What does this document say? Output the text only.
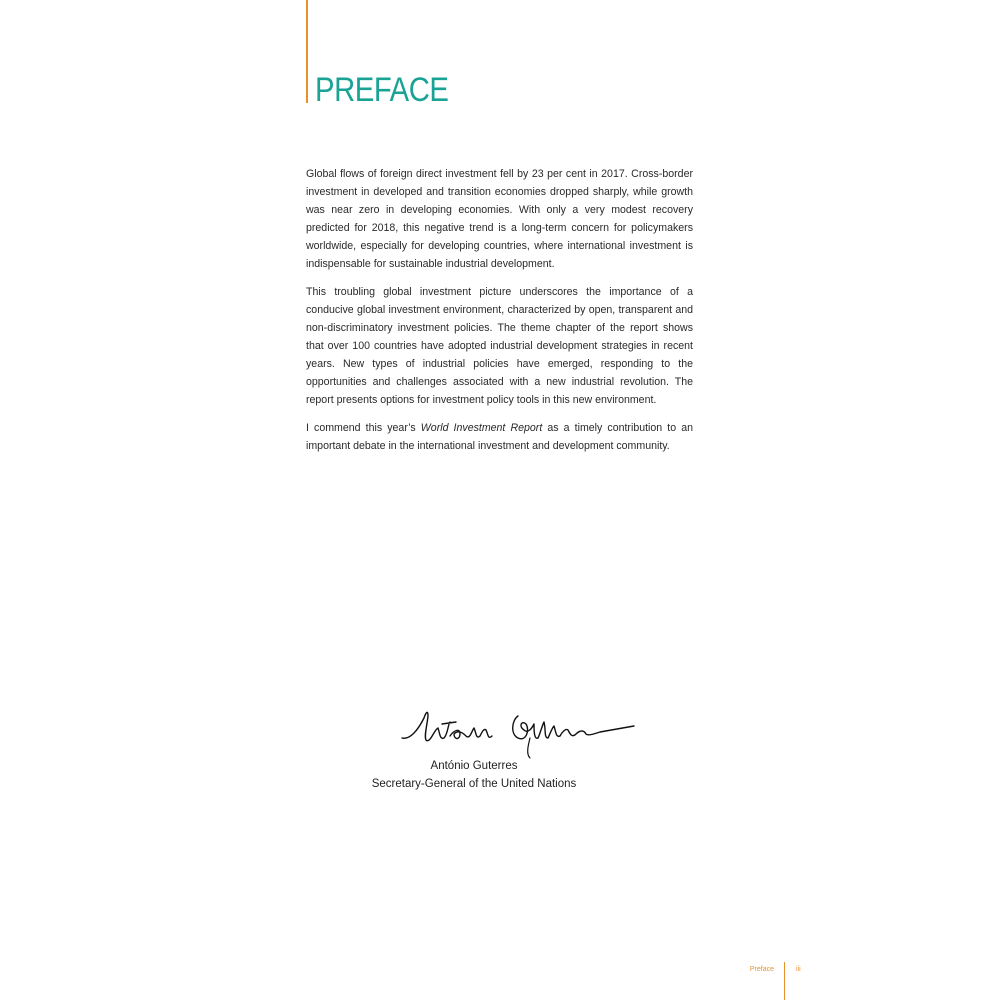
PREFACE

Global flows of foreign direct investment fell by 23 per cent in 2017. Cross-border investment in developed and transition economies dropped sharply, while growth was near zero in developing economies. With only a very modest recovery predicted for 2018, this negative trend is a long-term concern for policymakers worldwide, especially for developing countries, where international investment is indispensable for sustainable industrial development.

This troubling global investment picture underscores the importance of a conducive global investment environment, characterized by open, transparent and non-discriminatory investment policies. The theme chapter of the report shows that over 100 countries have adopted industrial development strategies in recent years. New types of industrial policies have emerged, responding to the opportunities and challenges associated with a new industrial revolution. The report presents options for investment policy tools in this new environment.

I commend this year’s World Investment Report as a timely contribution to an important debate in the international investment and development community.

António Guterres
Secretary-General of the United Nations
Preface	iii
